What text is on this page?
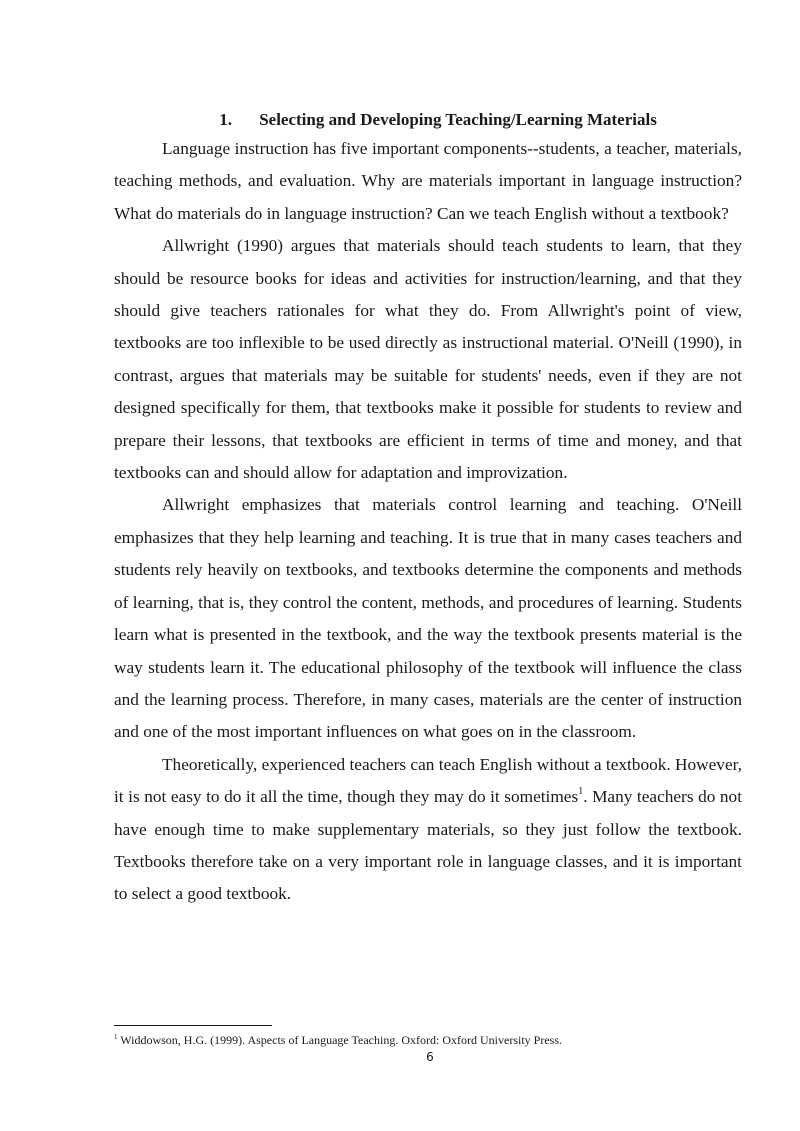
1. Selecting and Developing Teaching/Learning Materials

Language instruction has five important components--students, a teacher, materials, teaching methods, and evaluation. Why are materials important in language instruction? What do materials do in language instruction? Can we teach English without a textbook?

Allwright (1990) argues that materials should teach students to learn, that they should be resource books for ideas and activities for instruction/learning, and that they should give teachers rationales for what they do. From Allwright's point of view, textbooks are too inflexible to be used directly as instructional material. O'Neill (1990), in contrast, argues that materials may be suitable for students' needs, even if they are not designed specifically for them, that textbooks make it possible for students to review and prepare their lessons, that textbooks are efficient in terms of time and money, and that textbooks can and should allow for adaptation and improvization.

Allwright emphasizes that materials control learning and teaching. O'Neill emphasizes that they help learning and teaching. It is true that in many cases teachers and students rely heavily on textbooks, and textbooks determine the components and methods of learning, that is, they control the content, methods, and procedures of learning. Students learn what is presented in the textbook, and the way the textbook presents material is the way students learn it. The educational philosophy of the textbook will influence the class and the learning process. Therefore, in many cases, materials are the center of instruction and one of the most important influences on what goes on in the classroom.

Theoretically, experienced teachers can teach English without a textbook. However, it is not easy to do it all the time, though they may do it sometimes$^1$. Many teachers do not have enough time to make supplementary materials, so they just follow the textbook. Textbooks therefore take on a very important role in language classes, and it is important to select a good textbook.

$^1$ Widdowson, H.G. (1999). Aspects of Language Teaching. Oxford: Oxford University Press.

6
